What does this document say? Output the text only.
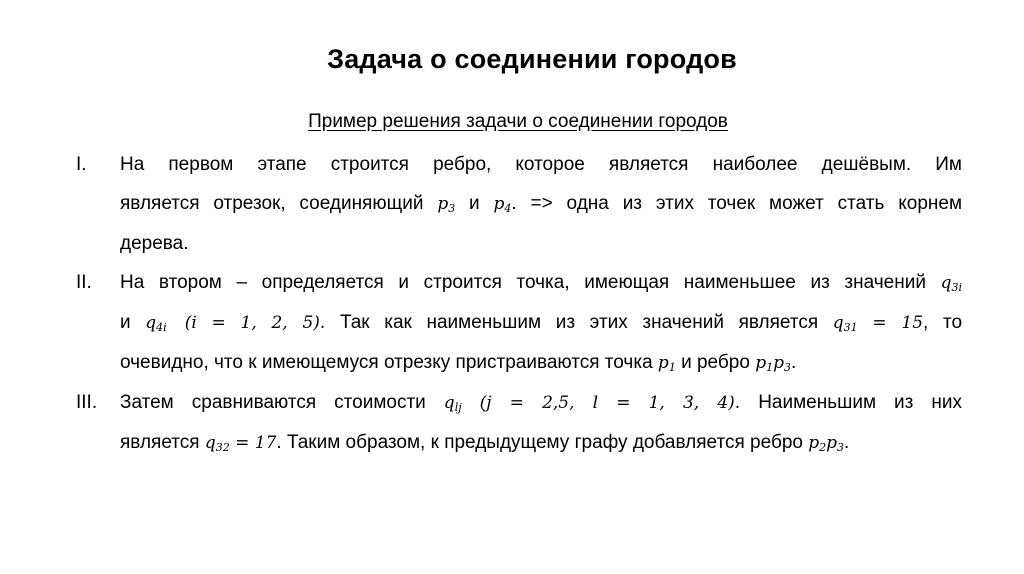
Задача о соединении городов
Пример решения задачи о соединении городов
I. На первом этапе строится ребро, которое является наиболее дешёвым. Им
является отрезок, соединяющий $p_3$ и $p_4$. => одна из этих точек может стать корнем
дерева.
II. На втором – определяется и строится точка, имеющая наименьшее из значений $q_{3i}$
и $q_{4i}$ (i = 1, 2, 5). Так как наименьшим из этих значений является $q_{31} = 15$, то
очевидно, что к имеющемуся отрезку пристраиваются точка $p_1$ и ребро $p_1p_3$.
III. Затем сравниваются стоимости $q_{lj}$ (j = 2,5, l = 1, 3, 4). Наименьшим из них
является $q_{32} = 17$. Таким образом, к предыдущему графу добавляется ребро $p_2p_3$.
